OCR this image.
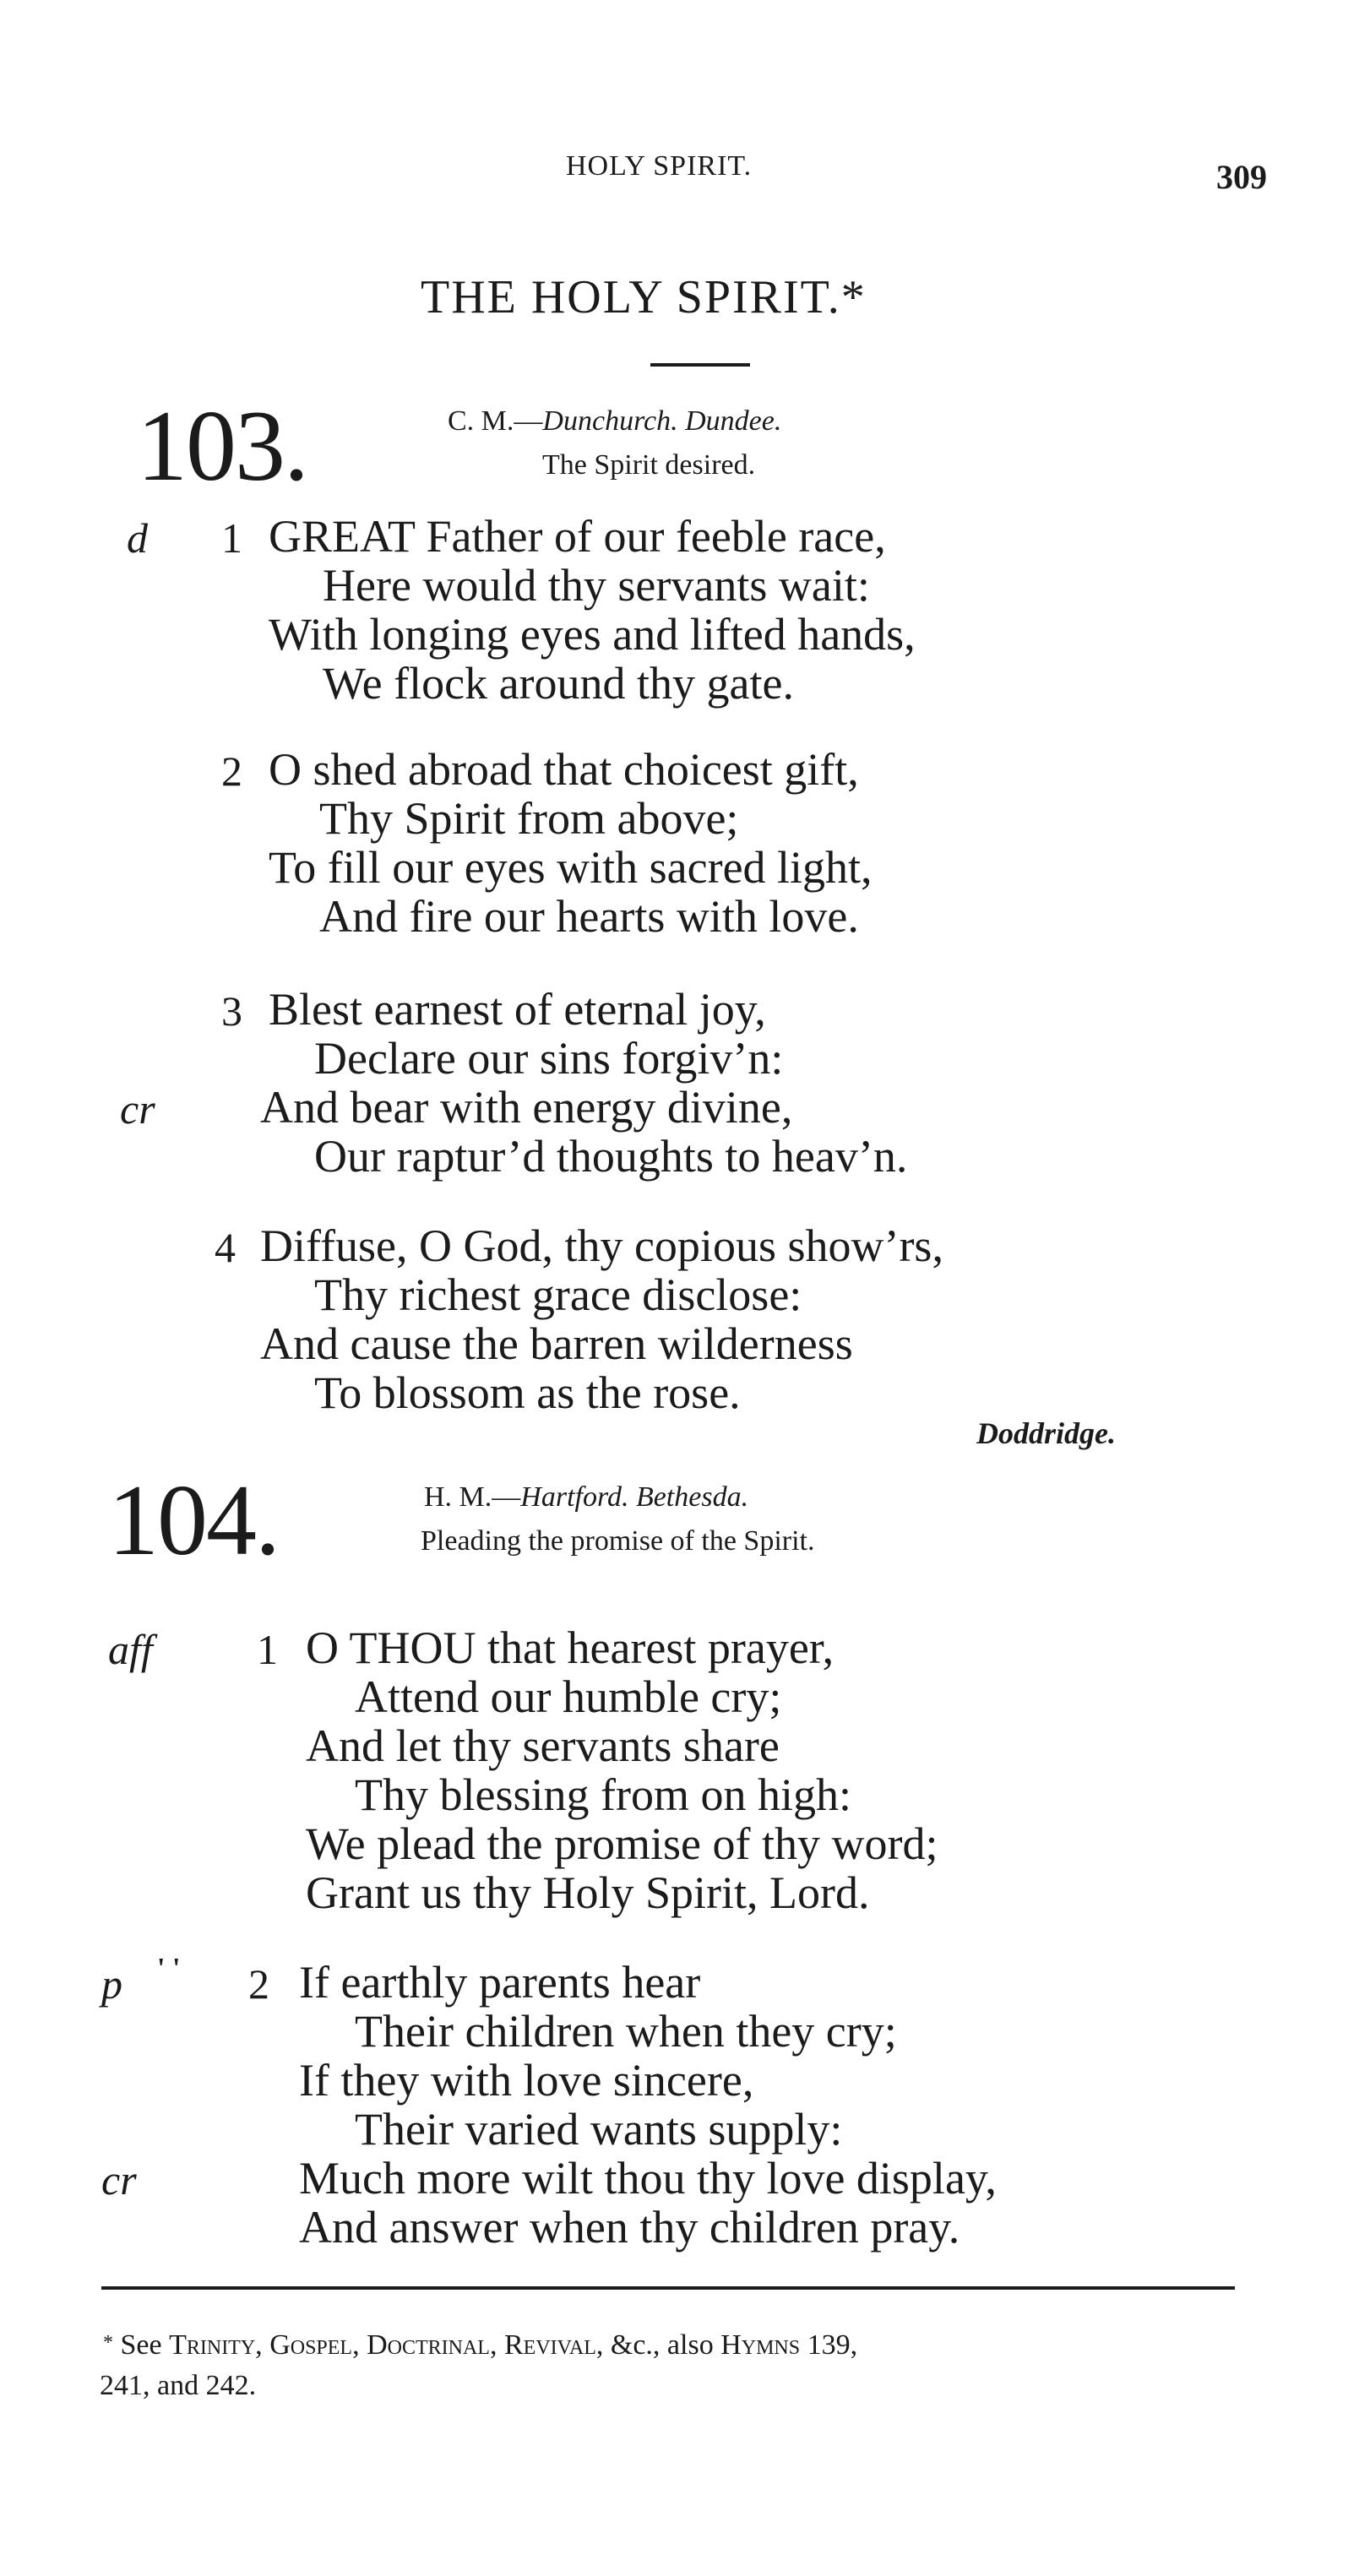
HOLY SPIRIT.	309
THE HOLY SPIRIT.*
103.	C. M.—Dunchurch. Dundee.
The Spirit desired.
d 1 GREAT Father of our feeble race,
Here would thy servants wait:
With longing eyes and lifted hands,
We flock around thy gate.
2 O shed abroad that choicest gift,
Thy Spirit from above;
To fill our eyes with sacred light,
And fire our hearts with love.
3 Blest earnest of eternal joy,
Declare our sins forgiv’n:
cr And bear with energy divine,
Our raptur’d thoughts to heav’n.
4 Diffuse, O God, thy copious show’rs,
Thy richest grace disclose:
And cause the barren wilderness
To blossom as the rose.
Doddridge.
104.	H. M.—Hartford. Bethesda.
Pleading the promise of the Spirit.
aff 1 O THOU that hearest prayer,
Attend our humble cry;
And let thy servants share
Thy blessing from on high:
We plead the promise of thy word;
Grant us thy Holy Spirit, Lord.
p ' ' 2 If earthly parents hear
Their children when they cry;
If they with love sincere,
Their varied wants supply:
cr	Much more wilt thou thy love display,
And answer when thy children pray.
* See Trinity, Gospel, Doctrinal, Revival, &c., also Hymns 139,
241, and 242.
